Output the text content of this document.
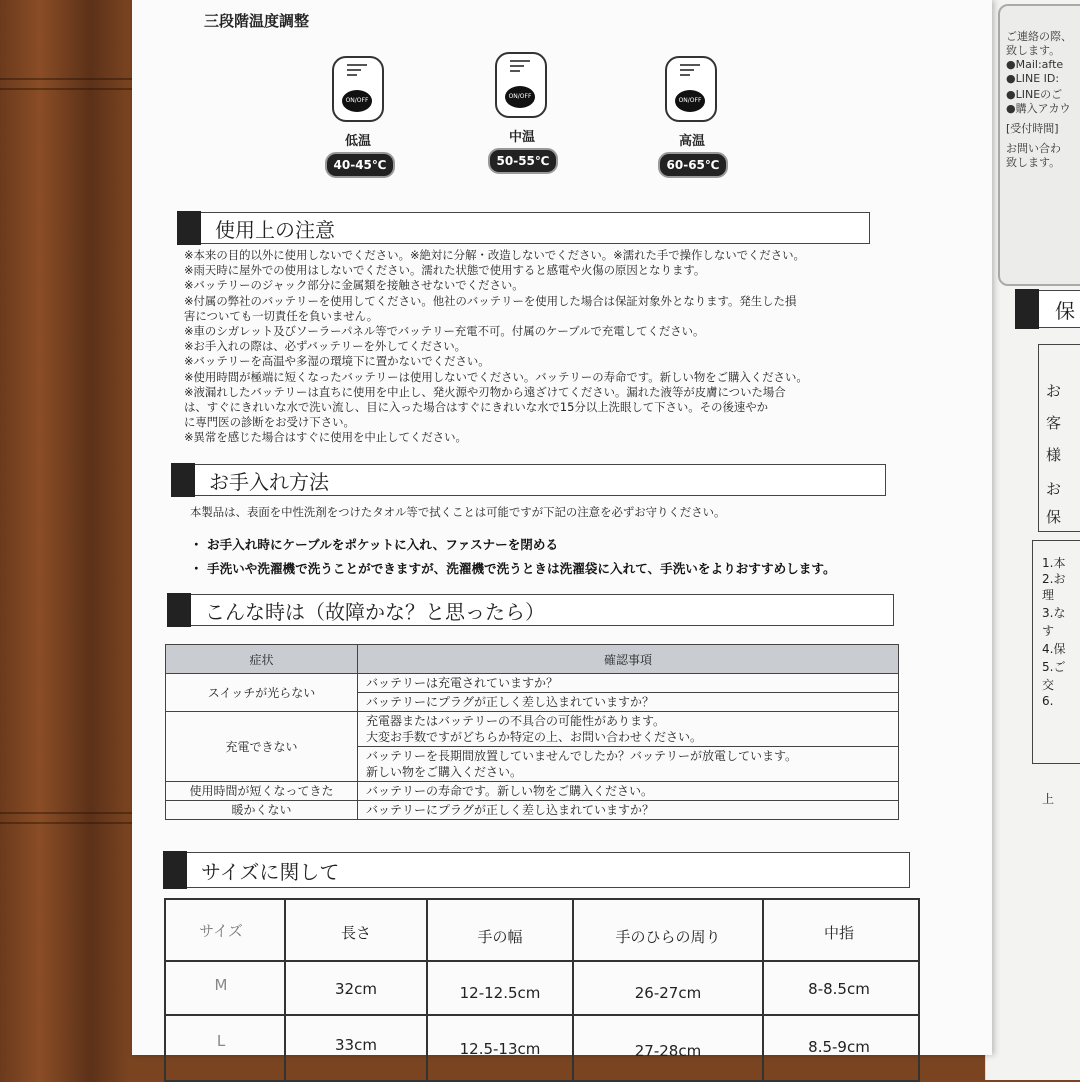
ご連絡の際、
致します。
●Mail:afte
●LINE ID:
●LINEのご
●購入アカウ
[受付時間]
お問い合わ
致します。
保
お
客
様
お
保
1.本
2.お
理
3.な
す
4.保
5.ご
交
6.
上
三段階温度調整
ON/OFF
ON/OFF
ON/OFF
低温	中温	高温
40-45℃	50-55℃	60-65℃
使用上の注意
※本来の目的以外に使用しないでください。※絶対に分解・改造しないでください。※濡れた手で操作しないでください。
※雨天時に屋外での使用はしないでください。濡れた状態で使用すると感電や火傷の原因となります。
※バッテリーのジャック部分に金属類を接触させないでください。
※付属の弊社のバッテリーを使用してください。他社のバッテリーを使用した場合は保証対象外となります。発生した損
害についても一切責任を負いません。
※車のシガレット及びソーラーパネル等でバッテリー充電不可。付属のケーブルで充電してください。
※お手入れの際は、必ずバッテリーを外してください。
※バッテリーを高温や多湿の環境下に置かないでください。
※使用時間が極端に短くなったバッテリーは使用しないでください。バッテリーの寿命です。新しい物をご購入ください。
※液漏れしたバッテリーは直ちに使用を中止し、発火源や刃物から遠ざけてください。漏れた液等が皮膚についた場合
は、すぐにきれいな水で洗い流し、目に入った場合はすぐにきれいな水で15分以上洗眼して下さい。その後速やか
に専門医の診断をお受け下さい。
※異常を感じた場合はすぐに使用を中止してください。
お手入れ方法
本製品は、表面を中性洗剤をつけたタオル等で拭くことは可能ですが下記の注意を必ずお守りください。
・ お手入れ時にケーブルをポケットに入れ、ファスナーを閉める
・ 手洗いや洗濯機で洗うことができますが、洗濯機で洗うときは洗濯袋に入れて、手洗いをよりおすすめします。
こんな時は（故障かな？と思ったら）
症状	確認事項
スイッチが光らない	バッテリーは充電されていますか？
	バッテリーにプラグが正しく差し込まれていますか？
充電できない	充電器またはバッテリーの不具合の可能性があります。
大変お手数ですがどちらか特定の上、お問い合わせください。
	バッテリーを長期間放置していませんでしたか？バッテリーが放電しています。
新しい物をご購入ください。
使用時間が短くなってきた	バッテリーの寿命です。新しい物をご購入ください。
暖かくない	バッテリーにプラグが正しく差し込まれていますか？
サイズに関して
サイズ	長さ	手の幅	手のひらの周り	中指
M	32cm	12-12.5cm	26-27cm	8-8.5cm
L	33cm	12.5-13cm	27-28cm	8.5-9cm
